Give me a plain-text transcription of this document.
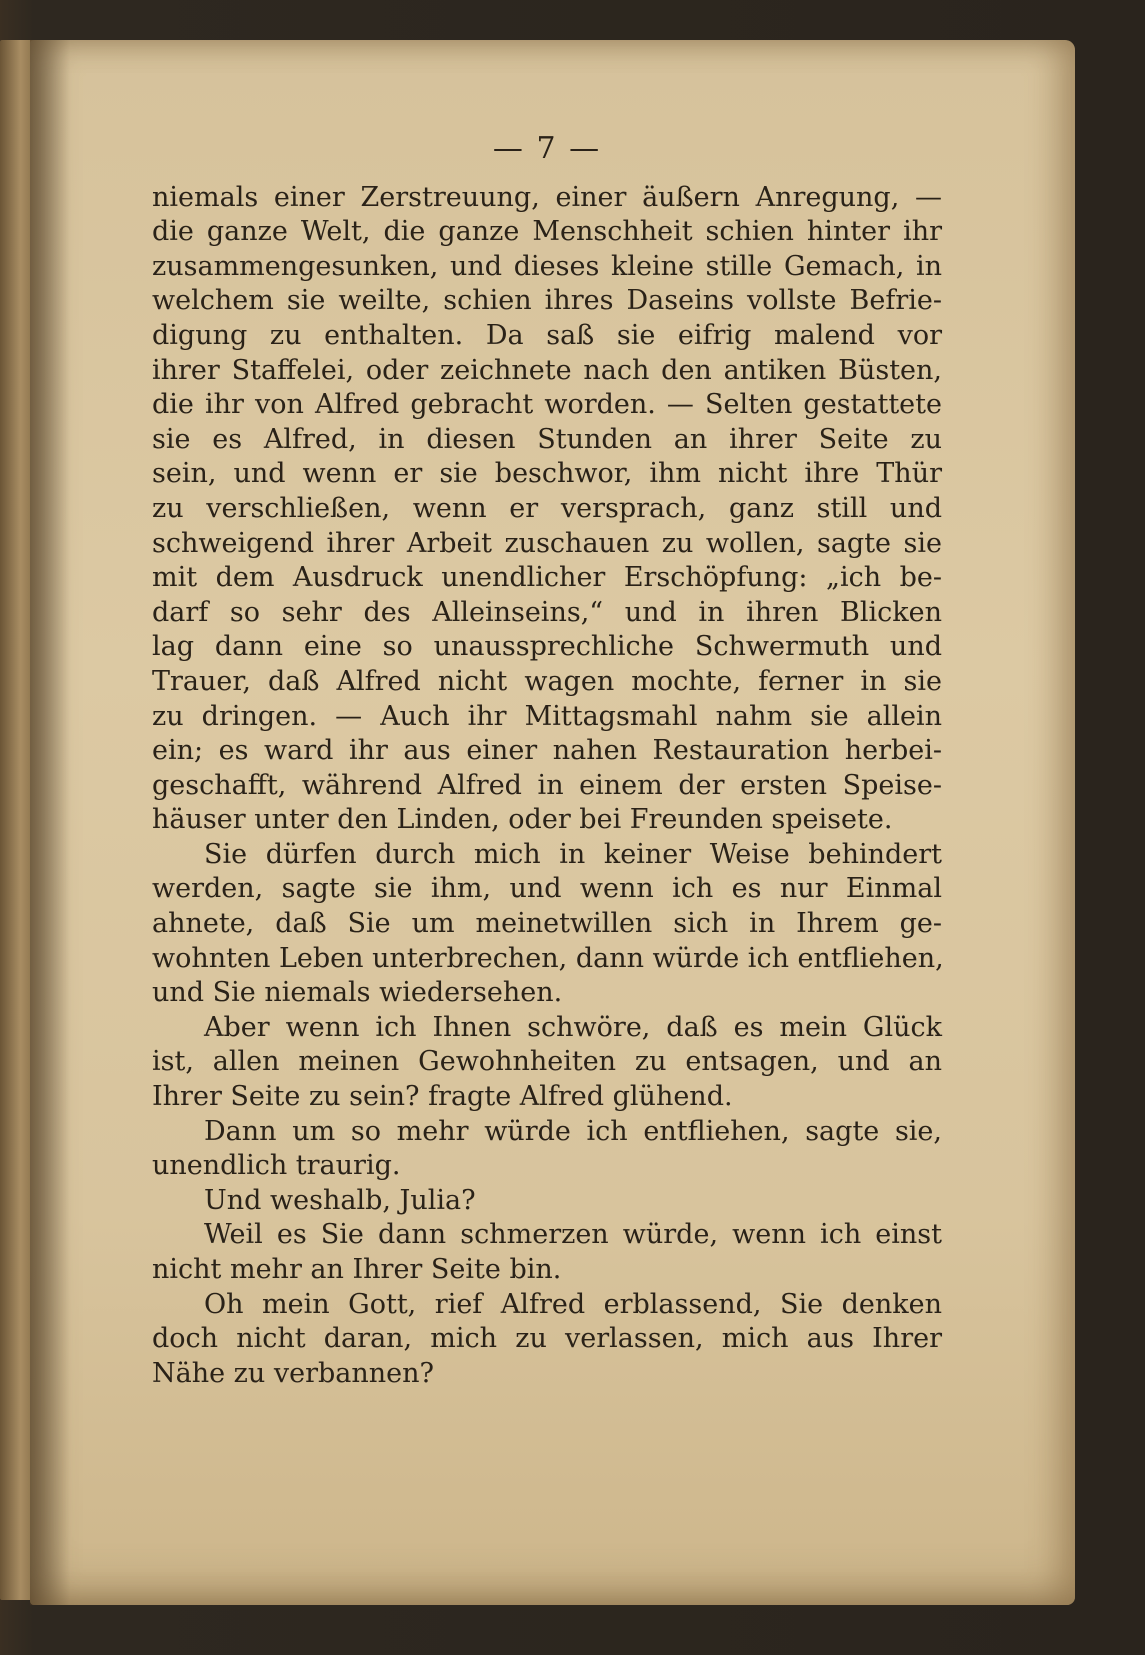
— 7 —
niemals einer Zerstreuung, einer äußern Anregung, —
die ganze Welt, die ganze Menschheit schien hinter ihr
zusammengesunken, und dieses kleine stille Gemach, in
welchem sie weilte, schien ihres Daseins vollste Befrie-
digung zu enthalten. Da saß sie eifrig malend vor
ihrer Staffelei, oder zeichnete nach den antiken Büsten,
die ihr von Alfred gebracht worden. — Selten gestattete
sie es Alfred, in diesen Stunden an ihrer Seite zu
sein, und wenn er sie beschwor, ihm nicht ihre Thür
zu verschließen, wenn er versprach, ganz still und
schweigend ihrer Arbeit zuschauen zu wollen, sagte sie
mit dem Ausdruck unendlicher Erschöpfung: „ich be-
darf so sehr des Alleinseins,“ und in ihren Blicken
lag dann eine so unaussprechliche Schwermuth und
Trauer, daß Alfred nicht wagen mochte, ferner in sie
zu dringen. — Auch ihr Mittagsmahl nahm sie allein
ein; es ward ihr aus einer nahen Restauration herbei-
geschafft, während Alfred in einem der ersten Speise-
häuser unter den Linden, oder bei Freunden speisete.
Sie dürfen durch mich in keiner Weise behindert
werden, sagte sie ihm, und wenn ich es nur Einmal
ahnete, daß Sie um meinetwillen sich in Ihrem ge-
wohnten Leben unterbrechen, dann würde ich entfliehen,
und Sie niemals wiedersehen.
Aber wenn ich Ihnen schwöre, daß es mein Glück
ist, allen meinen Gewohnheiten zu entsagen, und an
Ihrer Seite zu sein? fragte Alfred glühend.
Dann um so mehr würde ich entfliehen, sagte sie,
unendlich traurig.
Und weshalb, Julia?
Weil es Sie dann schmerzen würde, wenn ich einst
nicht mehr an Ihrer Seite bin.
Oh mein Gott, rief Alfred erblassend, Sie denken
doch nicht daran, mich zu verlassen, mich aus Ihrer
Nähe zu verbannen?
